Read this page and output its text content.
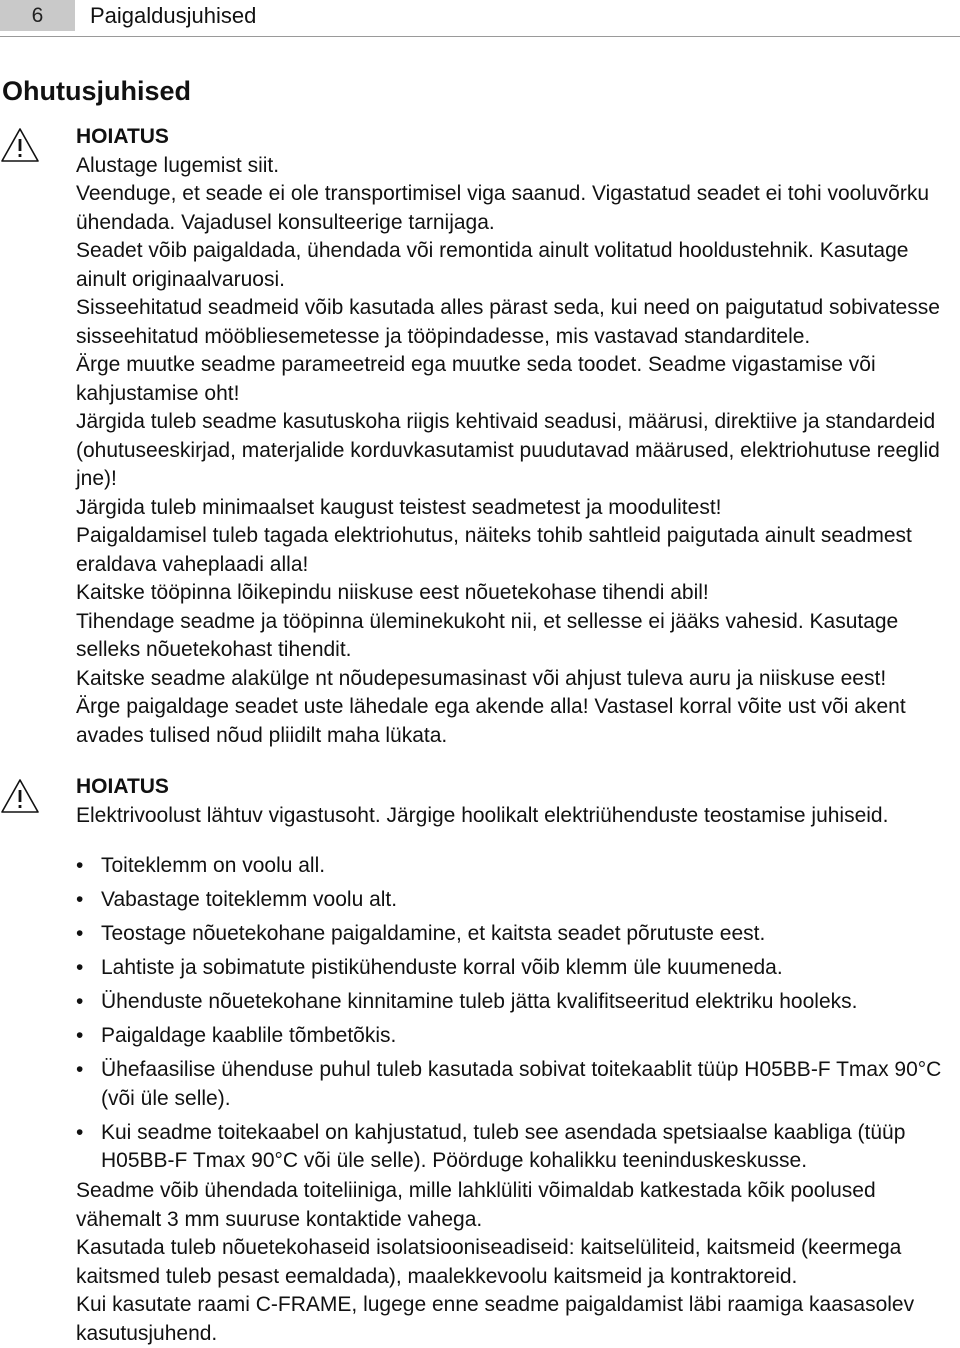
6	Paigaldusjuhised
Ohutusjuhised

HOIATUS

Alustage lugemist siit.

Veenduge, et seade ei ole transportimisel viga saanud. Vigastatud seadet ei tohi vooluvõrku ühendada. Vajadusel konsulteerige tarnijaga.

Seadet võib paigaldada, ühendada või remontida ainult volitatud hooldustehnik. Kasutage ainult originaalvaruosi.

Sisseehitatud seadmeid võib kasutada alles pärast seda, kui need on paigutatud sobivatesse sisseehitatud mööbliesemetesse ja tööpindadesse, mis vastavad standarditele.

Ärge muutke seadme parameetreid ega muutke seda toodet. Seadme vigastamise või kahjustamise oht!

Järgida tuleb seadme kasutuskoha riigis kehtivaid seadusi, määrusi, direktiive ja standardeid (ohutuseeskirjad, materjalide korduvkasutamist puudutavad määrused, elektriohutuse reeglid jne)!

Järgida tuleb minimaalset kaugust teistest seadmetest ja moodulitest!

Paigaldamisel tuleb tagada elektriohutus, näiteks tohib sahtleid paigutada ainult seadmest eraldava vaheplaadi alla!

Kaitske tööpinna lõikepindu niiskuse eest nõuetekohase tihendi abil!

Tihendage seadme ja tööpinna üleminekukoht nii, et sellesse ei jääks vahesid. Kasutage selleks nõuetekohast tihendit.

Kaitske seadme alakülge nt nõudepesumasinast või ahjust tuleva auru ja niiskuse eest!

Ärge paigaldage seadet uste lähedale ega akende alla! Vastasel korral võite ust või akent avades tulised nõud pliidilt maha lükata.

HOIATUS

Elektrivoolust lähtuv vigastusoht. Järgige hoolikalt elektriühenduste teostamise juhiseid.

• Toiteklemm on voolu all.
• Vabastage toiteklemm voolu alt.
• Teostage nõuetekohane paigaldamine, et kaitsta seadet põrutuste eest.
• Lahtiste ja sobimatute pistikühenduste korral võib klemm üle kuumeneda.
• Ühenduste nõuetekohane kinnitamine tuleb jätta kvalifitseeritud elektriku hooleks.
• Paigaldage kaablile tõmbetõkis.
• Ühefaasilise ühenduse puhul tuleb kasutada sobivat toitekaablit tüüp H05BB-F Tmax 90°C (või üle selle).
• Kui seadme toitekaabel on kahjustatud, tuleb see asendada spetsiaalse kaabliga (tüüp H05BB-F Tmax 90°C või üle selle). Pöörduge kohalikku teeninduskeskusse.

Seadme võib ühendada toiteliiniga, mille lahklüliti võimaldab katkestada kõik poolused vähemalt 3 mm suuruse kontaktide vahega.

Kasutada tuleb nõuetekohaseid isolatsiooniseadiseid: kaitselüliteid, kaitsmeid (keermega kaitsmed tuleb pesast eemaldada), maalekkevoolu kaitsmeid ja kontraktoreid.

Kui kasutate raami C-FRAME, lugege enne seadme paigaldamist läbi raamiga kaasasolev kasutusjuhend.
